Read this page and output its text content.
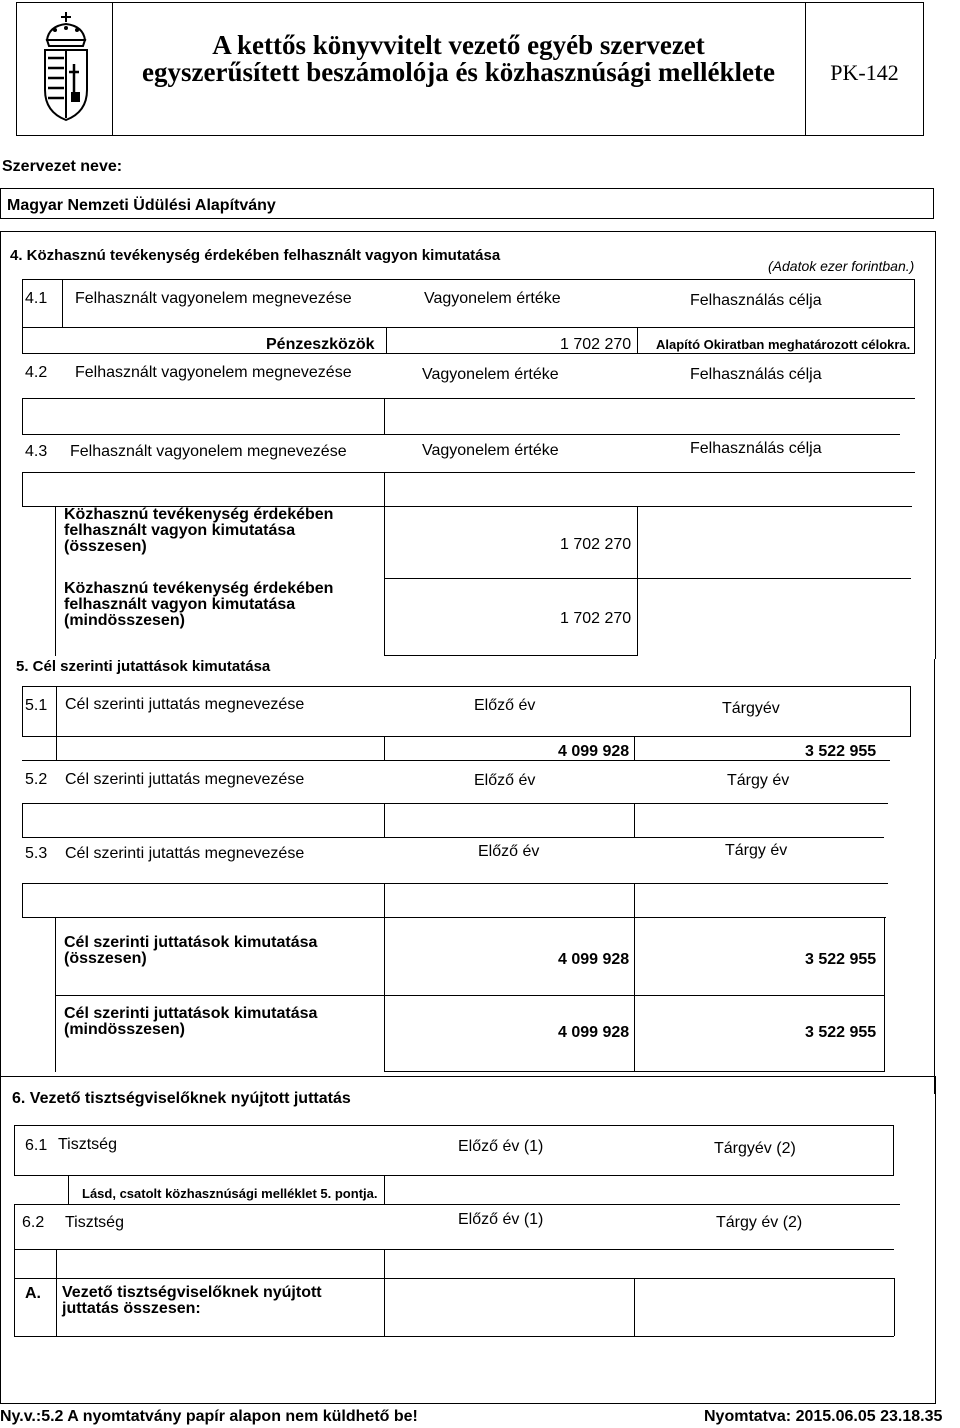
A kettős könyvvitelt vezető egyéb szervezet
egyszerűsített beszámolója és közhasznúsági melléklete	PK-142
Szervezet neve:
Magyar Nemzeti Üdülési Alapítvány
4. Közhasznú tevékenység érdekében felhasznált vagyon kimutatása
(Adatok ezer forintban.)
4.1 Felhasznált vagyonelem megnevezése	Vagyonelem értéke	Felhasználás célja
Pénzeszközök	1 702 270 Alapító Okiratban meghatározott célokra.
4.2 Felhasznált vagyonelem megnevezése	Vagyonelem értéke	Felhasználás célja
4.3 Felhasznált vagyonelem megnevezése	Vagyonelem értéke	Felhasználás célja
Közhasznú tevékenység érdekében
felhasznált vagyon kimutatása
(összesen)	1 702 270
Közhasznú tevékenység érdekében
felhasznált vagyon kimutatása
(mindösszesen)	1 702 270
5. Cél szerinti jutattások kimutatása
5.1 Cél szerinti juttatás megnevezése	Előző év	Tárgyév
4 099 928	3 522 955
5.2 Cél szerinti juttatás megnevezése	Előző év	Tárgy év
5.3 Cél szerinti jutattás megnevezése	Előző év	Tárgy év
Cél szerinti juttatások kimutatása
(összesen)	4 099 928	3 522 955
Cél szerinti juttatások kimutatása
(mindösszesen)	4 099 928	3 522 955
6. Vezető tisztségviselőknek nyújtott juttatás
6.1 Tisztség	Előző év (1)	Tárgyév (2)
Lásd, csatolt közhasznúsági melléklet 5. pontja.
6.2 Tisztség	Előző év (1)	Tárgy év (2)
A. Vezető tisztségviselőknek nyújtott
juttatás összesen:
Ny.v.:5.2 A nyomtatvány papír alapon nem küldhető be!	Nyomtatva: 2015.06.05 23.18.35
